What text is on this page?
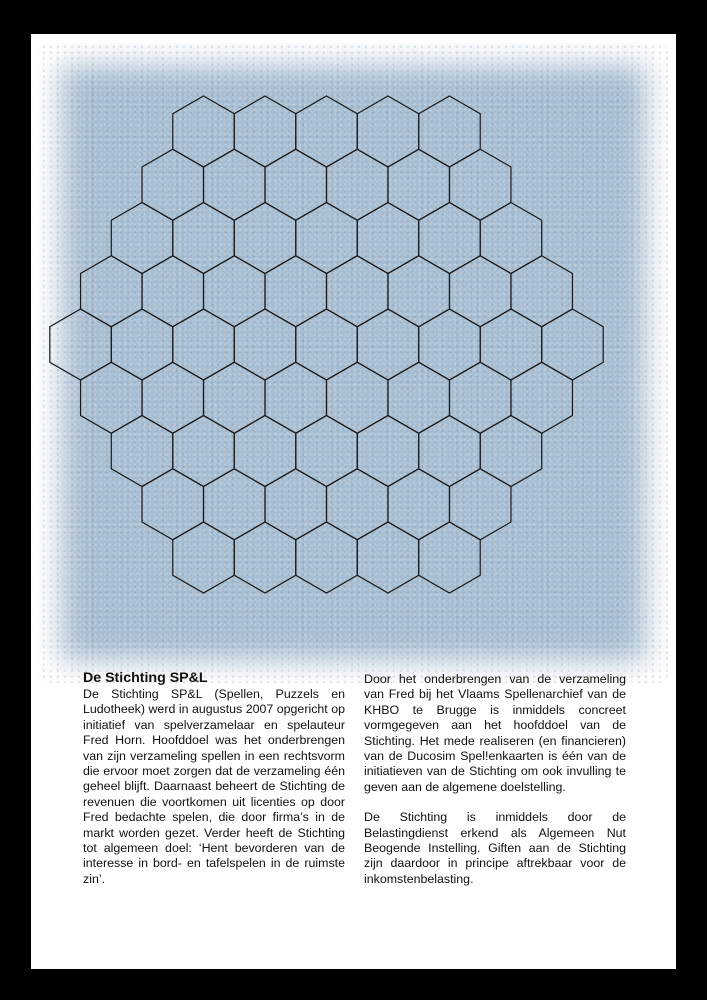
De Stichting SP&L

De Stichting SP&L (Spellen, Puzzels en Ludotheek) werd in augustus 2007 opgericht op initiatief van spelverzamelaar en spelauteur Fred Horn. Hoofddoel was het onderbrengen van zijn verzameling spellen in een rechtsvorm die ervoor moet zorgen dat de verzameling één geheel blijft. Daarnaast beheert de Stichting de revenuen die voortkomen uit licenties op door Fred bedachte spelen, die door firma’s in de markt worden gezet. Verder heeft de Stichting tot algemeen doel: ‘Hent bevorderen van de interesse in bord- en tafelspelen in de ruimste zin’.

Door het onderbrengen van de verzameling van Fred bij het Vlaams Spellenarchief van de KHBO te Brugge is inmiddels concreet vormgegeven aan het hoofddoel van de Stichting. Het mede realiseren (en financieren) van de Ducosim Spel!enkaarten is één van de initiatieven van de Stichting om ook invulling te geven aan de algemene doelstelling.

De Stichting is inmiddels door de Belastingdienst erkend als Algemeen Nut Beogende Instelling. Giften aan de Stichting zijn daardoor in principe aftrekbaar voor de inkomstenbelasting.
